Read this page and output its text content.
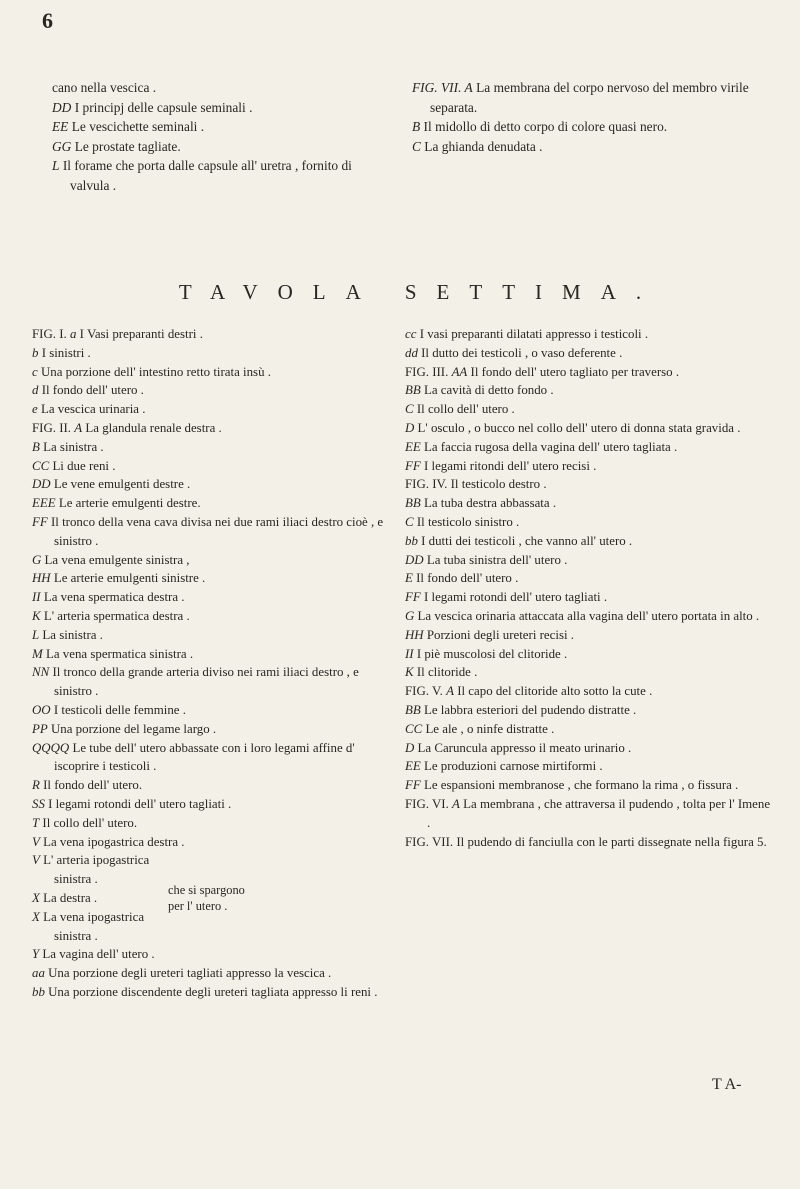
6
cano nella vescica .
DD I principj delle capsule seminali .
EE Le vescichette seminali .
GG Le prostate tagliate.
L Il forame che porta dalle capsule all' uretra , fornito di valvula .
FIG. VII. A La membrana del corpo nervoso del membro virile separata.
B Il midollo di detto corpo di colore quasi nero.
C La ghianda denudata .
TAVOLA SETTIMA.
FIG. I. a I Vasi preparanti destri .
b I sinistri .
c Una porzione dell' intestino retto tirata insù .
d Il fondo dell' utero .
e La vescica urinaria .
FIG. II. A La glandula renale destra .
B La sinistra .
CC Li due reni .
DD Le vene emulgenti destre .
EEE Le arterie emulgenti destre.
FF Il tronco della vena cava divisa nei due rami iliaci destro cioè , e sinistro .
G La vena emulgente sinistra ,
HH Le arterie emulgenti sinistre .
II La vena spermatica destra .
K L' arteria spermatica destra .
L La sinistra .
M La vena spermatica sinistra .
NN Il tronco della grande arteria diviso nei rami iliaci destro , e sinistro .
OO I testicoli delle femmine .
PP Una porzione del legame largo .
QQQQ Le tube dell' utero abbassate con i loro legami affine d' iscoprire i testicoli .
R Il fondo dell' utero.
SS I legami rotondi dell' utero tagliati .
T Il collo dell' utero.
V La vena ipogastrica destra .
V L' arteria ipogastrica sinistra .
X La destra .
X La vena ipogastrica sinistra .
che si spargono
per l' utero .
Y La vagina dell' utero .
aa Una porzione degli ureteri tagliati appresso la vescica .
bb Una porzione discendente degli ureteri tagliata appresso li reni .
cc I vasi preparanti dilatati appresso i testicoli .
dd Il dutto dei testicoli , o vaso deferente .
FIG. III. AA Il fondo dell' utero tagliato per traverso .
BB La cavità di detto fondo .
C Il collo dell' utero .
D L' osculo , o bucco nel collo dell' utero di donna stata gravida .
EE La faccia rugosa della vagina dell' utero tagliata .
FF I legami ritondi dell' utero recisi .
FIG. IV. Il testicolo destro .
BB La tuba destra abbassata .
C Il testicolo sinistro .
bb I dutti dei testicoli , che vanno all' utero .
DD La tuba sinistra dell' utero .
E Il fondo dell' utero .
FF I legami rotondi dell' utero tagliati .
G La vescica orinaria attaccata alla vagina dell' utero portata in alto .
HH Porzioni degli ureteri recisi .
II I piè muscolosi del clitoride .
K Il clitoride .
FIG. V. A Il capo del clitoride alto sotto la cute .
BB Le labbra esteriori del pudendo distratte .
CC Le ale , o ninfe distratte .
D La Caruncula appresso il meato urinario .
EE Le produzioni carnose mirtiformi .
FF Le espansioni membranose , che formano la rima , o fissura .
FIG. VI. A La membrana , che attraversa il pudendo , tolta per l' Imene .
FIG. VII. Il pudendo di fanciulla con le parti dissegnate nella figura 5.
T A-
